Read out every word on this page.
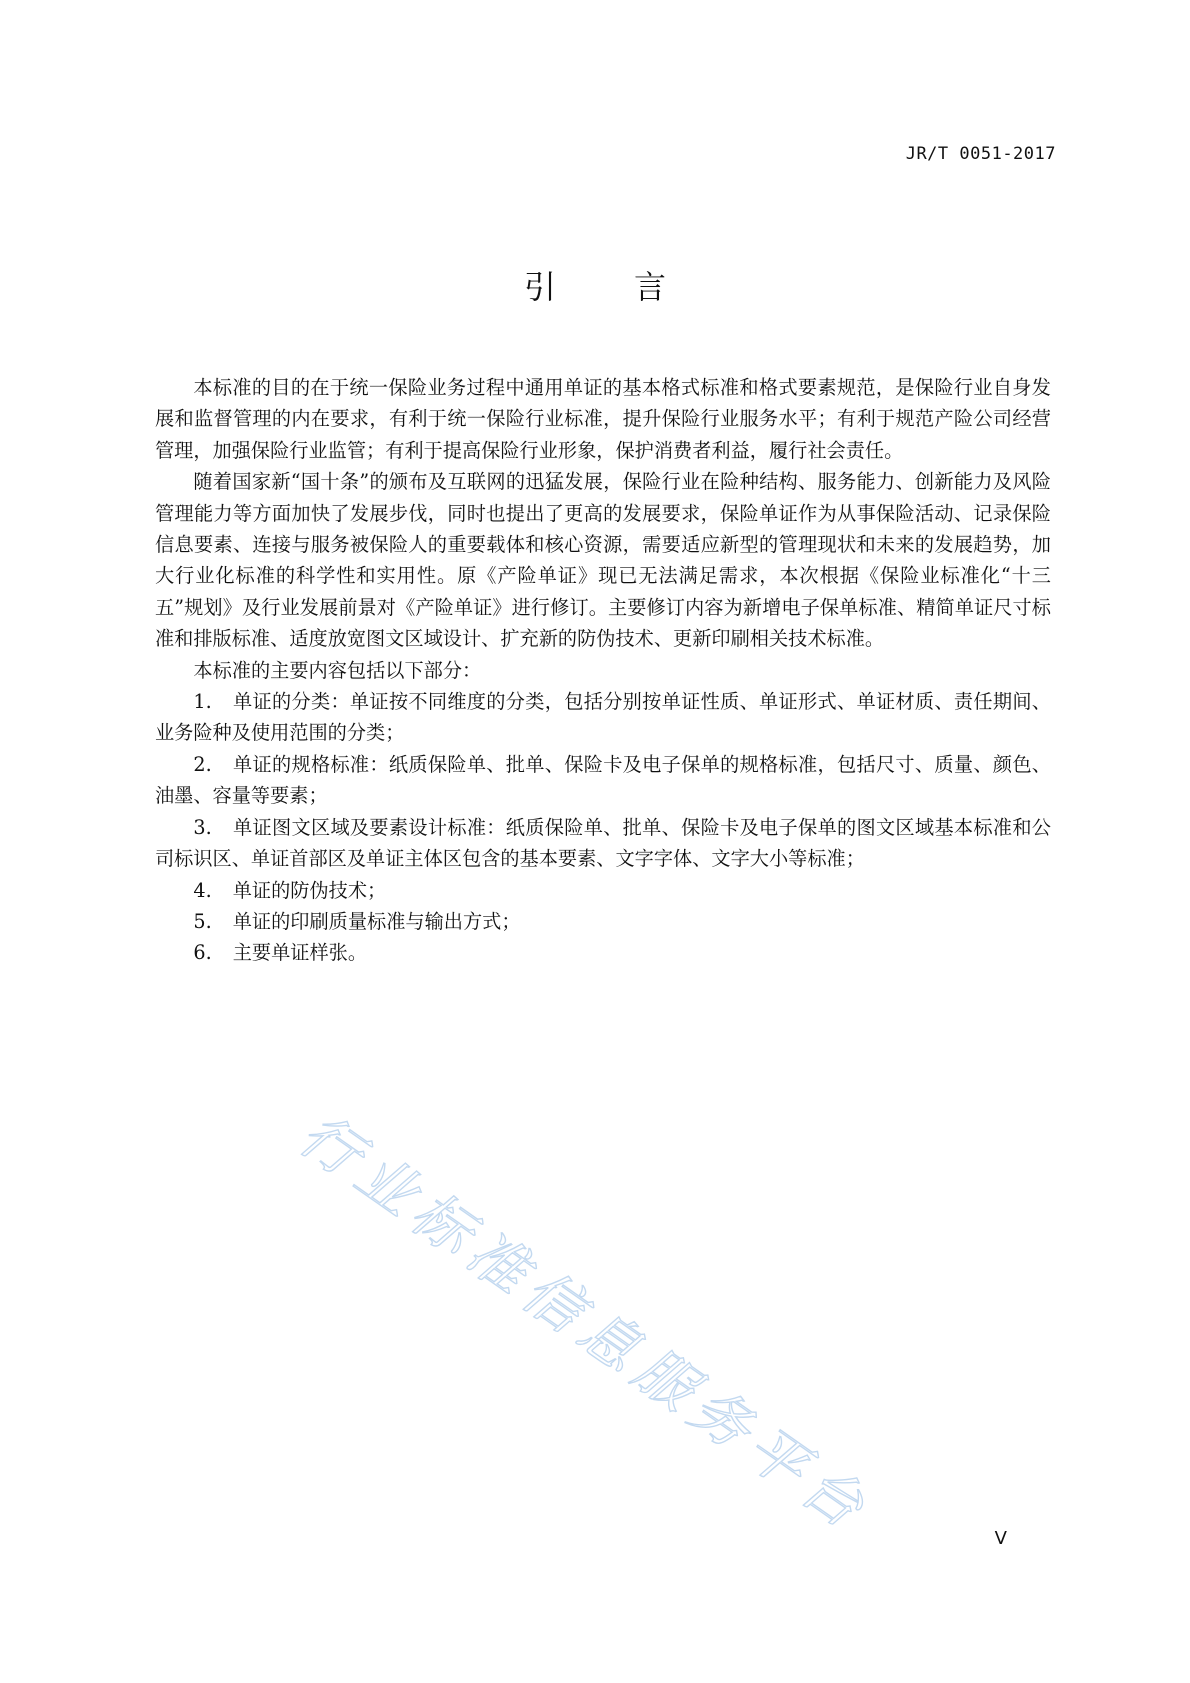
JR/T 0051-2017
引 言

本标准的目的在于统一保险业务过程中通用单证的基本格式标准和格式要素规范，是保险行业自身发展和监督管理的内在要求，有利于统一保险行业标准，提升保险行业服务水平；有利于规范产险公司经营管理，加强保险行业监管；有利于提高保险行业形象，保护消费者利益，履行社会责任。

随着国家新“国十条”的颁布及互联网的迅猛发展，保险行业在险种结构、服务能力、创新能力及风险管理能力等方面加快了发展步伐，同时也提出了更高的发展要求，保险单证作为从事保险活动、记录保险信息要素、连接与服务被保险人的重要载体和核心资源，需要适应新型的管理现状和未来的发展趋势，加大行业化标准的科学性和实用性。原《产险单证》现已无法满足需求，本次根据《保险业标准化“十三五”规划》及行业发展前景对《产险单证》进行修订。主要修订内容为新增电子保单标准、精简单证尺寸标准和排版标准、适度放宽图文区域设计、扩充新的防伪技术、更新印刷相关技术标准。

本标准的主要内容包括以下部分：

1. 单证的分类：单证按不同维度的分类，包括分别按单证性质、单证形式、单证材质、责任期间、业务险种及使用范围的分类；

2. 单证的规格标准：纸质保险单、批单、保险卡及电子保单的规格标准，包括尺寸、质量、颜色、油墨、容量等要素；

3. 单证图文区域及要素设计标准：纸质保险单、批单、保险卡及电子保单的图文区域基本标准和公司标识区、单证首部区及单证主体区包含的基本要素、文字字体、文字大小等标准；

4. 单证的防伪技术；

5. 单证的印刷质量标准与输出方式；

6. 主要单证样张。

行业标准信息服务平台	V
